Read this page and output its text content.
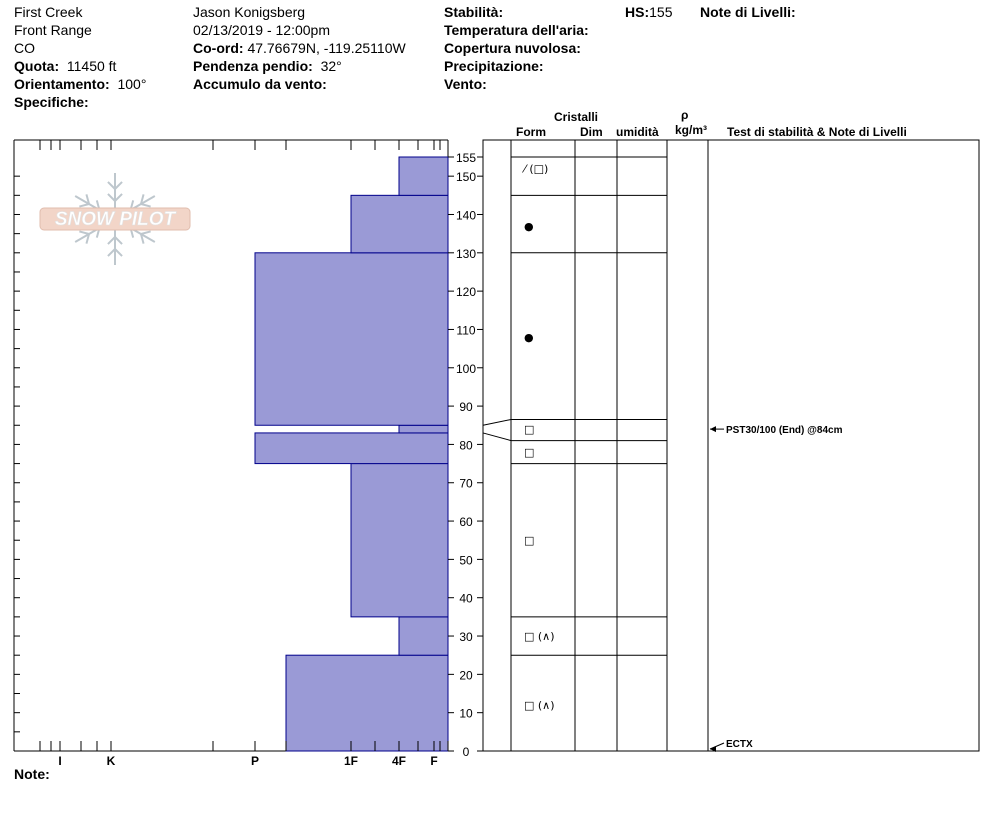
First Creek
Front Range
CO
Quota: 11450 ft
Orientamento: 100°
Specifiche:
Jason Konigsberg
02/13/2019 - 12:00pm
Co-ord: 47.76679N, -119.25110W
Pendenza pendio: 32°
Accumulo da vento:
Stabilità:
Temperatura dell'aria:
Copertura nuvolosa:
Precipitazione:
Vento:
HS:155 Note di Livelli:
Cristalli
Form	Dim umidità
ρ
kg/m³ Test di stabilità & Note di Livelli
Note:
SNOW PILOT
I	K	P	1F	4F F
0
10
20
30
40
50
60
70
80
90
100
110
120
130
140
150
155
⁄ (□)
●
●
□
□
□
□ (∧)
□ (∧)
PST30/100 (End) @84cm
ECTX
